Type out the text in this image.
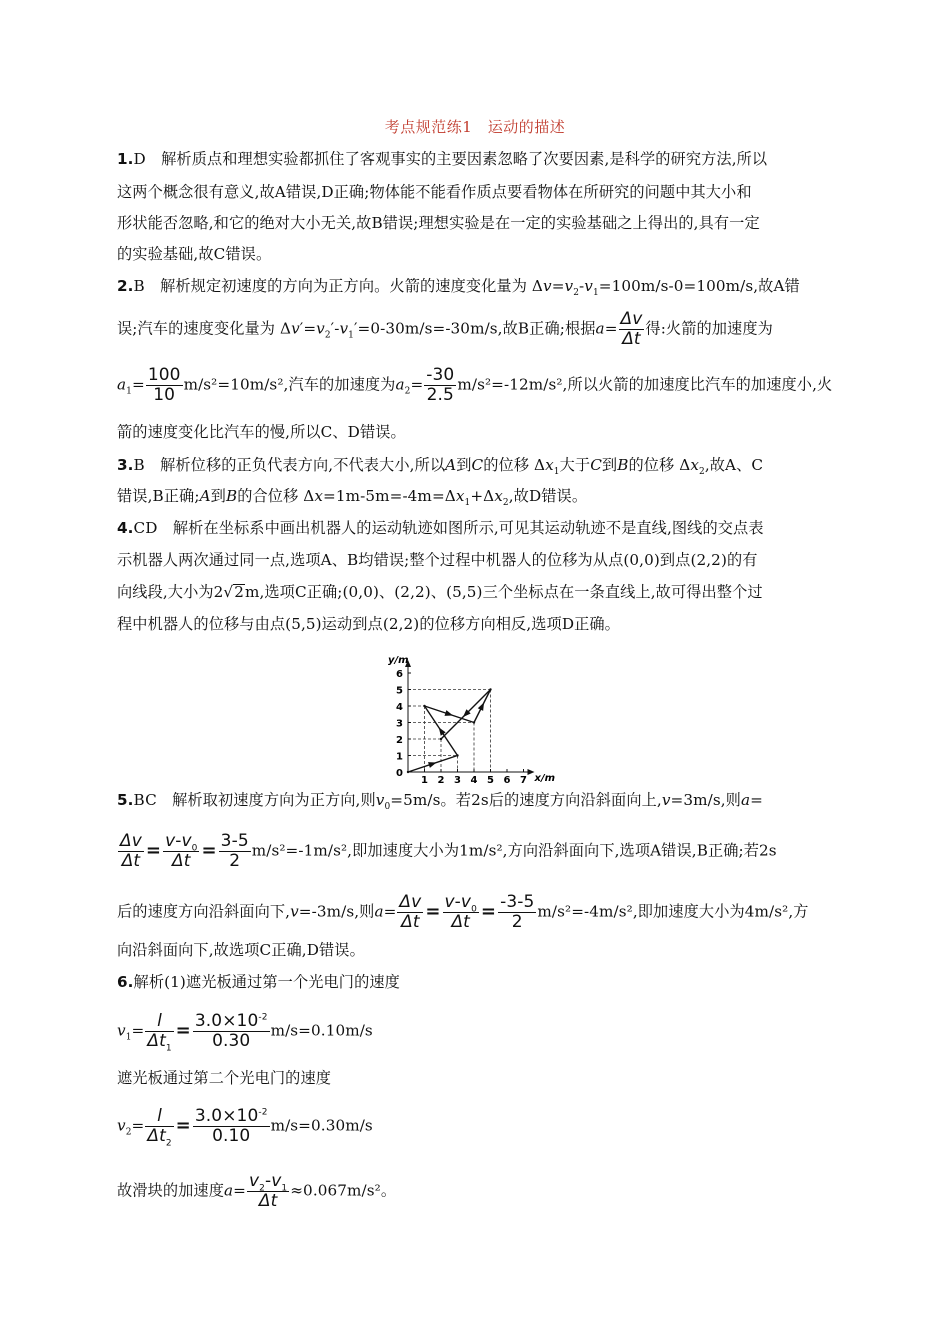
考点规范练1　运动的描述
1.D　 解析质点和理想实验都抓住了客观事实的主要因素忽略了次要因素,是科学的研究方法,所以
这两个概念很有意义,故A错误,D正确;物体能不能看作质点要看物体在所研究的问题中其大小和
形状能否忽略,和它的绝对大小无关,故B错误;理想实验是在一定的实验基础之上得出的,具有一定
的实验基础,故C错误。
2.B　 解析规定初速度的方向为正方向。火箭的速度变化量为 $\Delta v=v_2-v_1=100m/s-0=100m/s$,故A错
误;汽车的速度变化量为 $\Delta v'=v_2'-v_1'=0-30m/s=-30m/s$,故B正确;根据$a= \frac{\Delta v}{\Delta t}$ 得:火箭的加速度为
$a_1= \frac{100}{10} m/s^2=10m/s^2$,汽车的加速度为$a_2= \frac{-30}{2.5} m/s^2=-12m/s^2$,所以火箭的加速度比汽车的加速度小,火
箭的速度变化比汽车的慢,所以C、D错误。
3.B　 解析位移的正负代表方向,不代表大小,所以A到C的位移 $\Delta x_1$大于C到B的位移 $\Delta x_2$,故A、C
错误,B正确;A到B的合位移 $\Delta x=1m-5m=-4m=\Delta x_1+\Delta x_2$,故D错误。
4.CD　 解析在坐标系中画出机器人的运动轨迹如图所示,可见其运动轨迹不是直线,图线的交点表
示机器人两次通过同一点,选项A、B均错误;整个过程中机器人的位移为从点(0,0)到点(2,2)的有
向线段,大小为2√2m,选项C正确;(0,0)、(2,2)、(5,5)三个坐标点在一条直线上,故可得出整个过
程中机器人的位移与由点(5,5)运动到点(2,2)的位移方向相反,选项D正确。
1 2 3 4 5 6 7
1
2
3
4
5
6
0	x/m
y/m
5.BC　 解析取初速度方向为正方向,则$v_0=5m/s$。若2s后的速度方向沿斜面向上,v=3m/s,则a=
$\frac{\Delta v}{\Delta t} = \frac{v-v_0}{\Delta t} = \frac{3-5}{2} m/s^2=-1m/s^2$,即加速度大小为1m/s²,方向沿斜面向下,选项A错误,B正确;若2s
后的速度方向沿斜面向下,v=-3m/s,则$a= \frac{\Delta v}{\Delta t} = \frac{v-v_0}{\Delta t} = \frac{-3-5}{2} m/s^2=-4m/s^2$,即加速度大小为4m/s²,方
向沿斜面向下,故选项C正确,D错误。
6.解析(1)遮光板通过第一个光电门的速度
$v_1= \frac{l}{\Delta t_1} = \frac{3.0\times 10^{-2}}{0.30} m/s=0.10m/s$
遮光板通过第二个光电门的速度
$v_2= \frac{l}{\Delta t_2} = \frac{3.0\times 10^{-2}}{0.10} m/s=0.30m/s$
故滑块的加速度$a= \frac{v_2-v_1}{\Delta t} \approx 0.067m/s^2$。
